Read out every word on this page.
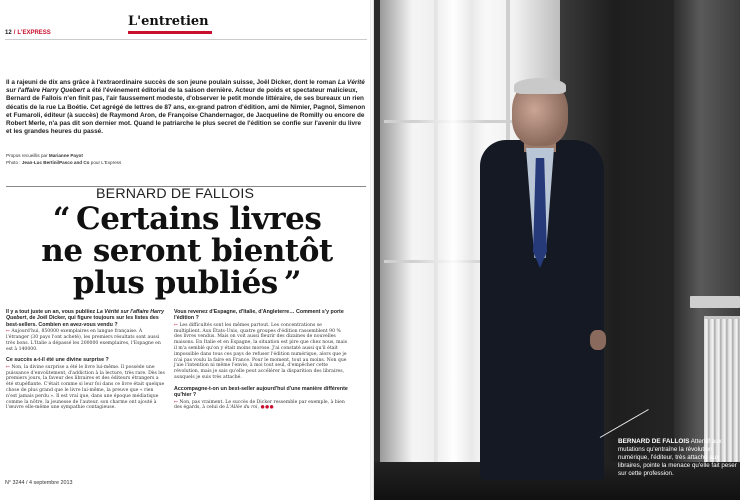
L'entretien
12 / L'EXPRESS

Il a rajeuni de dix ans grâce à l'extraordinaire succès de son jeune poulain suisse, Joël Dicker, dont le roman La Vérité sur l'affaire Harry Quebert a été l'événement éditorial de la saison dernière. Acteur de poids et spectateur malicieux, Bernard de Fallois n'en finit pas, l'air faussement modeste, d'observer le petit monde littéraire, de ses bureaux un rien décatis de la rue La Boétie. Cet agrégé de lettres de 87 ans, ex-grand patron d'édition, ami de Nimier, Pagnol, Simenon et Fumaroli, éditeur (à succès) de Raymond Aron, de Françoise Chandernagor, de Jacqueline de Romilly ou encore de Robert Merle, n'a pas dit son dernier mot. Quand le patriarche le plus secret de l'édition se confie sur l'avenir du livre et les grandes heures du passé.

Propos recueillis par Marianne Payot
Photo : Jean-Luc Bertini/Pasco and Co pour L'Express
BERNARD DE FALLOIS
“ Certains livres
ne seront bientôt
plus publiés ”
Il y a tout juste un an, vous publiiez La Vérité sur l'affaire Harry Quebert, de Joël Dicker, qui figure toujours sur les listes des best-sellers. Combien en avez-vous vendu ?
↦ Aujourd'hui, 850000 exemplaires en langue française. À l'étranger (30 pays l'ont acheté), les premiers résultats sont aussi très bons. L'Italie a dépassé les 200000 exemplaires, l'Espagne en est à 140000.
Ce succès a-t-il été une divine surprise ?
↦ Non, la divine surprise a été le livre lui-même. Il possède une puissance d'envoûtement, d'addiction à la lecture, très rare. Dès les premiers jours, la faveur des libraires et des éditeurs étrangers a été stupéfiante. C'était comme si leur foi dans ce livre était quelque chose de plus grand que le livre lui-même, la preuve que « rien n'est jamais perdu ». Il est vrai que, dans une époque médiatique comme la nôtre, la jeunesse de l'auteur, son charme ont ajouté à l'œuvre elle-même une sympathie contagieuse.
Vous revenez d'Espagne, d'Italie, d'Angleterre… Comment s'y porte l'édition ?
↦ Les difficultés sont les mêmes partout. Les concentrations se multiplient. Aux États-Unis, quatre groupes d'édition rassemblent 90 % des livres vendus. Mais on voit aussi fleurir des dizaines de nouvelles maisons. En Italie et en Espagne, la situation est pire que chez nous, mais il m'a semblé qu'on y était moins morose. J'ai constaté aussi qu'il était impossible dans tous ces pays de refuser l'édition numérique, alors que je n'ai pas voulu la faire en France. Pour le moment, tout au moins. Non que j'aie l'intention ni même l'envie, à moi tout seul, d'empêcher cette révolution, mais je sais qu'elle peut accélérer la disparition des libraires, auxquels je suis très attaché.
Accompagne-t-on un best-seller aujourd'hui d'une manière différente qu'hier ?
↦ Non, pas vraiment. Le succès de Dicker ressemble par exemple, à bien des égards, à celui de L'Allée du roi, ●●●
N° 3244 / 4 septembre 2013

BERNARD DE FALLOIS Attentif aux mutations qu'entraîne la révolution numérique, l'éditeur, très attaché aux libraires, pointe la menace qu'elle fait peser sur cette profession.
